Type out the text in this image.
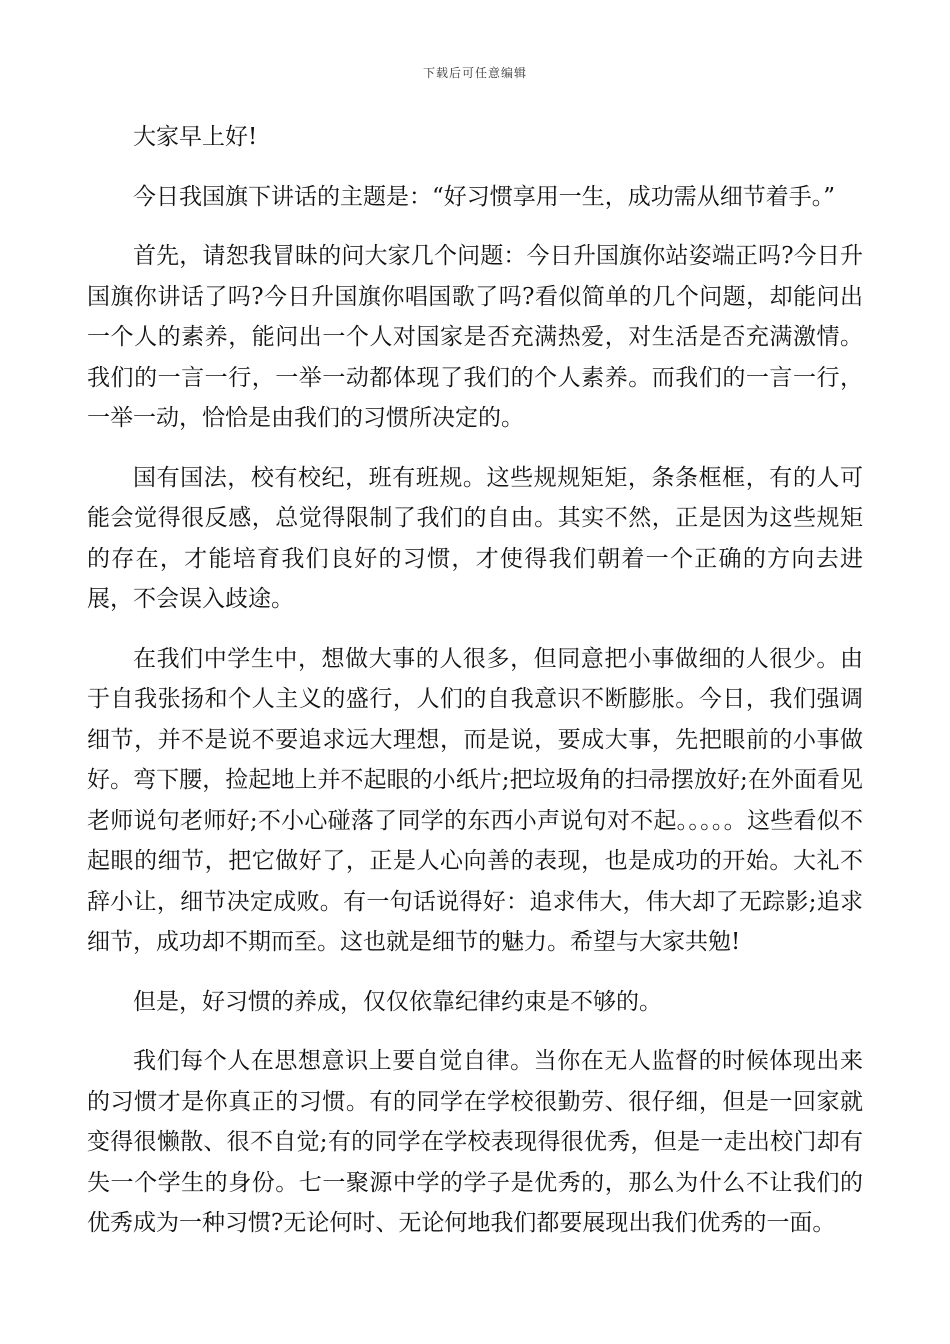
下载后可任意编辑

大家早上好!

今日我国旗下讲话的主题是：“好习惯享用一生，成功需从细节着手。”

首先，请恕我冒昧的问大家几个问题：今日升国旗你站姿端正吗?今日升国旗你讲话了吗?今日升国旗你唱国歌了吗?看似简单的几个问题，却能问出一个人的素养，能问出一个人对国家是否充满热爱，对生活是否充满激情。我们的一言一行，一举一动都体现了我们的个人素养。而我们的一言一行，一举一动，恰恰是由我们的习惯所决定的。

国有国法，校有校纪，班有班规。这些规规矩矩，条条框框，有的人可能会觉得很反感，总觉得限制了我们的自由。其实不然，正是因为这些规矩的存在，才能培育我们良好的习惯，才使得我们朝着一个正确的方向去进展，不会误入歧途。

在我们中学生中，想做大事的人很多，但同意把小事做细的人很少。由于自我张扬和个人主义的盛行，人们的自我意识不断膨胀。今日，我们强调细节，并不是说不要追求远大理想，而是说，要成大事，先把眼前的小事做好。弯下腰，捡起地上并不起眼的小纸片;把垃圾角的扫帚摆放好;在外面看见老师说句老师好;不小心碰落了同学的东西小声说句对不起。。。。。这些看似不起眼的细节，把它做好了，正是人心向善的表现，也是成功的开始。大礼不辞小让，细节决定成败。有一句话说得好：追求伟大，伟大却了无踪影;追求细节，成功却不期而至。这也就是细节的魅力。希望与大家共勉!

但是，好习惯的养成，仅仅依靠纪律约束是不够的。

我们每个人在思想意识上要自觉自律。当你在无人监督的时候体现出来的习惯才是你真正的习惯。有的同学在学校很勤劳、很仔细，但是一回家就变得很懒散、很不自觉;有的同学在学校表现得很优秀，但是一走出校门却有失一个学生的身份。七一聚源中学的学子是优秀的，那么为什么不让我们的优秀成为一种习惯?无论何时、无论何地我们都要展现出我们优秀的一面。
